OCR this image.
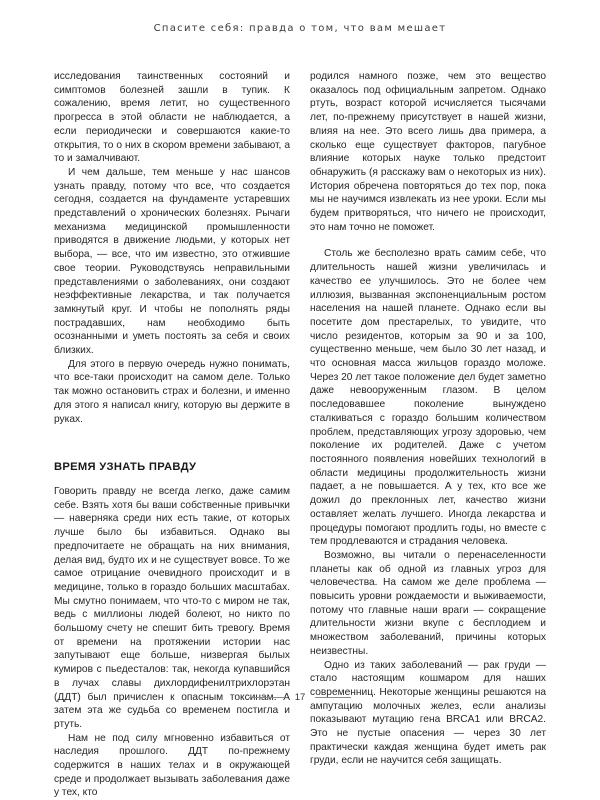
Спасите себя: правда о том, что вам мешает

исследования таинственных состояний и симптомов болезней зашли в тупик. К сожалению, время летит, но существенного прогресса в этой области не наблюдается, а если периодически и совершаются какие-то открытия, то о них в скором времени забывают, а то и замалчивают.

И чем дальше, тем меньше у нас шансов узнать правду, потому что все, что создается сегодня, создается на фундаменте устаревших представлений о хронических болезнях. Рычаги механизма медицинской промышленности приводятся в движение людьми, у которых нет выбора, — все, что им известно, это отжившие свое теории. Руководствуясь неправильными представлениями о заболеваниях, они создают неэффективные лекарства, и так получается замкнутый круг. И чтобы не пополнять ряды пострадавших, нам необходимо быть осознанными и уметь постоять за себя и своих близких.

Для этого в первую очередь нужно понимать, что все-таки происходит на самом деле. Только так можно остановить страх и болезни, и именно для этого я написал книгу, которую вы держите в руках.

ВРЕМЯ УЗНАТЬ ПРАВДУ

Говорить правду не всегда легко, даже самим себе. Взять хотя бы ваши собственные привычки — наверняка среди них есть такие, от которых лучше было бы избавиться. Однако вы предпочитаете не обращать на них внимания, делая вид, будто их и не существует вовсе. То же самое отрицание очевидного происходит и в медицине, только в гораздо больших масштабах. Мы смутно понимаем, что что-то с миром не так, ведь с миллионы людей болеют, но никто по большому счету не спешит бить тревогу. Время от времени на протяжении истории нас запутывают еще больше, низвергая былых кумиров с пьедесталов: так, некогда купавшийся в лучах славы дихлордифенилтрихлорэтан (ДДТ) был причислен к опасным токсинам. А затем эта же судьба со временем постигла и ртуть.

Нам не под силу мгновенно избавиться от наследия прошлого. ДДТ по-прежнему содержится в наших телах и в окружающей среде и продолжает вызывать заболевания даже у тех, кто

родился намного позже, чем это вещество оказалось под официальным запретом. Однако ртуть, возраст которой исчисляется тысячами лет, по-прежнему присутствует в нашей жизни, влияя на нее. Это всего лишь два примера, а сколько еще существует факторов, пагубное влияние которых науке только предстоит обнаружить (я расскажу вам о некоторых из них). История обречена повторяться до тех пор, пока мы не научимся извлекать из нее уроки. Если мы будем притворяться, что ничего не происходит, это нам точно не поможет.

Столь же бесполезно врать самим себе, что длительность нашей жизни увеличилась и качество ее улучшилось. Это не более чем иллюзия, вызванная экспоненциальным ростом населения на нашей планете. Однако если вы посетите дом престарелых, то увидите, что число резидентов, которым за 90 и за 100, существенно меньше, чем было 30 лет назад, и что основная масса жильцов гораздо моложе. Через 20 лет такое положение дел будет заметно даже невооруженным глазом. В целом последовавшее поколение вынуждено сталкиваться с гораздо большим количеством проблем, представляющих угрозу здоровью, чем поколение их родителей. Даже с учетом постоянного появления новейших технологий в области медицины продолжительность жизни падает, а не повышается. А у тех, кто все же дожил до преклонных лет, качество жизни оставляет желать лучшего. Иногда лекарства и процедуры помогают продлить годы, но вместе с тем продлеваются и страдания человека.

Возможно, вы читали о перенаселенности планеты как об одной из главных угроз для человечества. На самом же деле проблема — повысить уровни рождаемости и выживаемости, потому что главные наши враги — сокращение длительности жизни вкупе с бесплодием и множеством заболеваний, причины которых неизвестны.

Одно из таких заболеваний — рак груди — стало настоящим кошмаром для наших современниц. Некоторые женщины решаются на ампутацию молочных желез, если анализы показывают мутацию гена BRCA1 или BRCA2. Это не пустые опасения — через 30 лет практически каждая женщина будет иметь рак груди, если не научится себя защищать.

17
